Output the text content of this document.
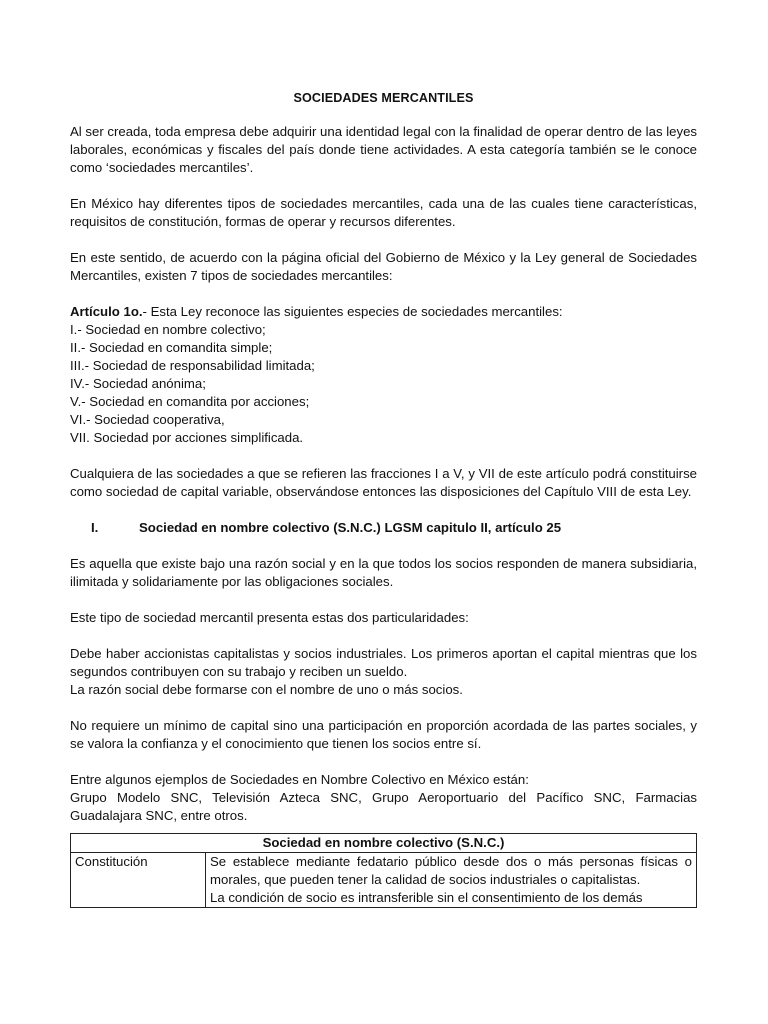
SOCIEDADES MERCANTILES

Al ser creada, toda empresa debe adquirir una identidad legal con la finalidad de operar dentro de las leyes laborales, económicas y fiscales del país donde tiene actividades. A esta categoría también se le conoce como ‘sociedades mercantiles’.

En México hay diferentes tipos de sociedades mercantiles, cada una de las cuales tiene características, requisitos de constitución, formas de operar y recursos diferentes.

En este sentido, de acuerdo con la página oficial del Gobierno de México y la Ley general de Sociedades Mercantiles, existen 7 tipos de sociedades mercantiles:

Artículo 1o.- Esta Ley reconoce las siguientes especies de sociedades mercantiles:

I.- Sociedad en nombre colectivo;

II.- Sociedad en comandita simple;

III.- Sociedad de responsabilidad limitada;

IV.- Sociedad anónima;

V.- Sociedad en comandita por acciones;

VI.- Sociedad cooperativa,

VII. Sociedad por acciones simplificada.

Cualquiera de las sociedades a que se refieren las fracciones I a V, y VII de este artículo podrá constituirse como sociedad de capital variable, observándose entonces las disposiciones del Capítulo VIII de esta Ley.

I.	Sociedad en nombre colectivo (S.N.C.) LGSM capitulo II, artículo 25

Es aquella que existe bajo una razón social y en la que todos los socios responden de manera subsidiaria, ilimitada y solidariamente por las obligaciones sociales.

Este tipo de sociedad mercantil presenta estas dos particularidades:

Debe haber accionistas capitalistas y socios industriales. Los primeros aportan el capital mientras que los segundos contribuyen con su trabajo y reciben un sueldo.

La razón social debe formarse con el nombre de uno o más socios.

No requiere un mínimo de capital sino una participación en proporción acordada de las partes sociales, y se valora la confianza y el conocimiento que tienen los socios entre sí.

Entre algunos ejemplos de Sociedades en Nombre Colectivo en México están:

Grupo Modelo SNC, Televisión Azteca SNC, Grupo Aeroportuario del Pacífico SNC, Farmacias Guadalajara SNC, entre otros.

Sociedad en nombre colectivo (S.N.C.)
Constitución	Se establece mediante fedatario público desde dos o más personas físicas o morales, que pueden tener la calidad de socios industriales o capitalistas.
La condición de socio es intransferible sin el consentimiento de los demás
